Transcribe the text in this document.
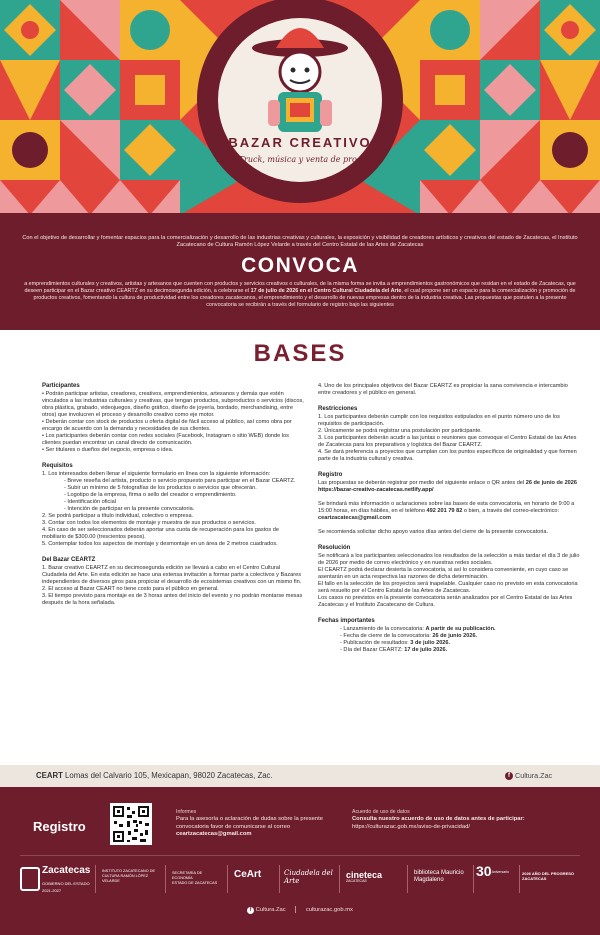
BAZAR CREATIVO
Food Truck, música y venta de productos
Con el objetivo de desarrollar y fomentar espacios para la comercialización y desarrollo de las industrias creativas y culturales, la exposición y visibilidad de creadores artísticos y creativos del estado de Zacatecas, el Instituto Zacatecano de Cultura Ramón López Velarde a través del Centro Estatal de las Artes de Zacatecas
CONVOCA
a emprendimientos culturales y creativos, artistas y artesanos que cuenten con productos y servicios creativos o culturales, de la misma forma se invita a emprendimientos gastronómicos que residan en el estado de Zacatecas, que deseen participar en el Bazar creativo CEARTZ en su decimosegunda edición, a celebrarse el 17 de julio de 2026 en el Centro Cultural Ciudadela del Arte, el cual propone ser un espacio para la comercialización y promoción de productos creativos, fomentando la cultura de productividad entre los creadores zacatecanos, el emprendimiento y el desarrollo de nuevas empresas dentro de la industria creativa. Las propuestas que postulen a la presente convocatoria se recibirán a través del formulario de registro bajo las siguientes
BASES
Participantes

• Podrán participar artistas, creadores, creativos, emprendimientos, artesanos y demás que estén vinculados a las industrias culturales y creativas, que tengan productos, subproductos o servicios (discos, obra plástica, grabado, videojuegos, diseño gráfico, diseño de joyería, bordado, merchandising, entre otros) que involucren el proceso y desarrollo creativo como eje motor.

• Deberán contar con stock de productos u oferta digital de fácil acceso al público, así como obra por encargo de acuerdo con la demanda y necesidades de sus clientes.

• Los participantes deberán contar con redes sociales (Facebook, Instagram o sitio WEB) donde los clientes puedan encontrar un canal directo de comunicación.

• Ser titulares o dueños del negocio, empresa o idea.

Requisitos

1. Los interesados deben llenar el siguiente formulario en línea con la siguiente información:

- Breve reseña del artista, producto o servicio propuesto para participar en el Bazar CEARTZ.

- Subir un mínimo de 5 fotografías de los productos o servicios que ofrecerán.

- Logotipo de la empresa, firma o sello del creador o emprendimiento.

- Identificación oficial

- Intención de participar en la presente convocatoria.

2. Se podrá participar a título individual, colectivo o empresa.

3. Contar con todos los elementos de montaje y muestra de sus productos o servicios.

4. En caso de ser seleccionados deberán aportar una cuota de recuperación para los gastos de mobiliario de $300.00 (trescientos pesos).

5. Contemplar todos los aspectos de montaje y desmontaje en un área de 2 metros cuadrados.

Del Bazar CEARTZ

1. Bazar creativo CEARTZ en su decimosegunda edición se llevará a cabo en el Centro Cultural Ciudadela del Arte. En esta edición se hace una extensa invitación a formar parte a colectivos y Bazares independientes de diversos giros para propiciar el desarrollo de ecosistemas creativos con un mismo fin.

2. El acceso al Bazar CEART no tiene costo para el público en general.

3. El tiempo previsto para montaje es de 3 horas antes del inicio del evento y no podrán montarse mesas después de la hora señalada.

4. Uno de los principales objetivos del Bazar CEARTZ es propiciar la sana convivencia e intercambio entre creadores y el público en general.

Restricciones

1. Los participantes deberán cumplir con los requisitos estipulados en el punto número uno de los requisitos de participación.

2. Únicamente se podrá registrar una postulación por participante.

3. Los participantes deberán acudir a las juntas o reuniones que convoque el Centro Estatal de las Artes de Zacatecas para los preparativos y logística del Bazar CEARTZ.

4. Se dará preferencia a proyectos que cumplan con los puntos específicos de originalidad y que formen parte de la industria cultural y creativa.

Registro

Las propuestas se deberán registrar por medio del siguiente enlace o QR antes del 26 de junio de 2026

https://bazar-creativo-zacatecas.netlify.app/

Se brindará más información o aclaraciones sobre las bases de esta convocatoria, en horario de 9:00 a 15:00 horas, en días hábiles, en el teléfono 492 201 79 82 o bien, a través del correo-electrónico: ceartzacatecas@gmail.com

Se recomienda solicitar dicho apoyo varios días antes del cierre de la presente convocatoria.

Resolución

Se notificará a los participantes seleccionados los resultados de la selección a más tardar el día 3 de julio de 2026 por medio de correo electrónico y en nuestras redes sociales.

El CEARTZ podrá declarar desierta la convocatoria, si así lo considera conveniente, en cuyo caso se asentarán en un acta respectiva las razones de dicha determinación.

El fallo en la selección de los proyectos será inapelable. Cualquier caso no previsto en esta convocatoria será resuelto por el Centro Estatal de las Artes de Zacatecas.

Los casos no previstos en la presente convocatoria serán analizados por el Centro Estatal de las Artes Zacatecas y el Instituto Zacatecano de Cultura.

Fechas importantes

- Lanzamiento de la convocatoria: A partir de su publicación.

- Fecha de cierre de la convocatoria: 26 de junio 2026.

- Publicación de resultados: 3 de julio 2026.

- Día del Bazar CEARTZ: 17 de julio 2026.

CEART Lomas del Calvario 105, Mexicapan, 98020 Zacatecas, Zac.	f Cultura.Zac
Registro
Informes
Para la asesoría o aclaración de dudas sobre la presente convocatoria favor de comunicarse al correo ceartzacatecas@gmail.com
Acuerdo de uso de datos
Consulta nuestro acuerdo de uso de datos antes de participar:
https://culturazac.gob.mx/aviso-de-privacidad/
Zacatecas
GOBIERNO DEL ESTADO 2021-2027
INSTITUTO ZACATECANO DE CULTURA RAMÓN LÓPEZ VELARDE
SECRETARÍA DE ECONOMÍA
ESTADO DE ZACATECAS
CeArt	Ciudadela del Arte
cineteca
ZACATECAS
biblioteca Mauricio Magdaleno
30Aniversario	2026 AÑO DEL PROGRESO ZACATECAS
f Cultura.Zac	culturazac.gob.mx
